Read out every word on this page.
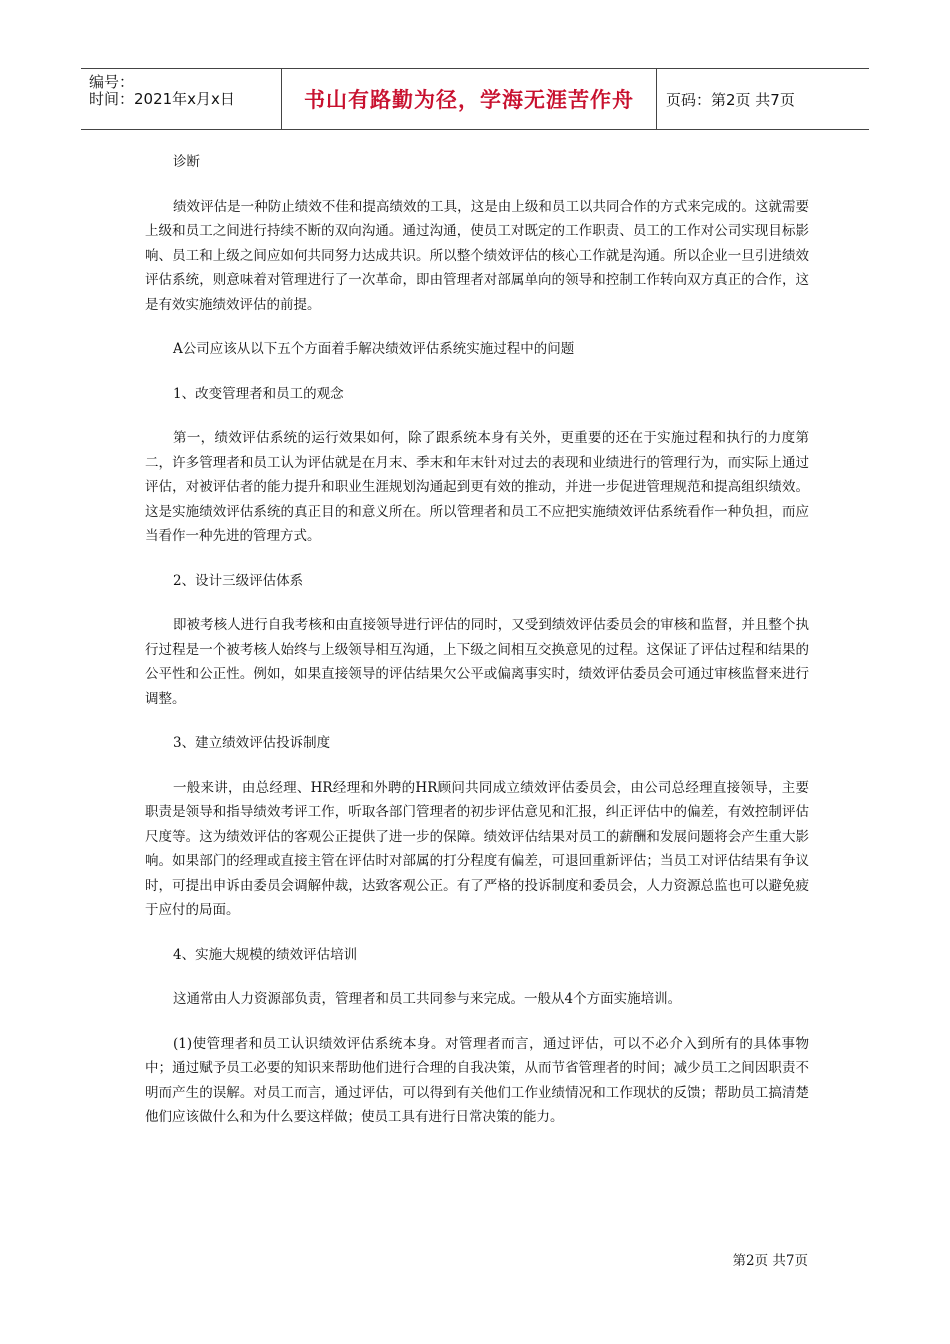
编号：
时间：2021年x月x日	书山有路勤为径，学海无涯苦作舟 页码：第2页 共7页

诊断

绩效评估是一种防止绩效不佳和提高绩效的工具，这是由上级和员工以共同合作的方式来完成的。这就需要上级和员工之间进行持续不断的双向沟通。通过沟通，使员工对既定的工作职责、员工的工作对公司实现目标影响、员工和上级之间应如何共同努力达成共识。所以整个绩效评估的核心工作就是沟通。所以企业一旦引进绩效评估系统，则意味着对管理进行了一次革命，即由管理者对部属单向的领导和控制工作转向双方真正的合作，这是有效实施绩效评估的前提。

A公司应该从以下五个方面着手解决绩效评估系统实施过程中的问题

1、改变管理者和员工的观念

第一，绩效评估系统的运行效果如何，除了跟系统本身有关外，更重要的还在于实施过程和执行的力度第二，许多管理者和员工认为评估就是在月末、季末和年末针对过去的表现和业绩进行的管理行为，而实际上通过评估，对被评估者的能力提升和职业生涯规划沟通起到更有效的推动，并进一步促进管理规范和提高组织绩效。这是实施绩效评估系统的真正目的和意义所在。所以管理者和员工不应把实施绩效评估系统看作一种负担，而应当看作一种先进的管理方式。

2、设计三级评估体系

即被考核人进行自我考核和由直接领导进行评估的同时，又受到绩效评估委员会的审核和监督，并且整个执行过程是一个被考核人始终与上级领导相互沟通，上下级之间相互交换意见的过程。这保证了评估过程和结果的公平性和公正性。例如，如果直接领导的评估结果欠公平或偏离事实时，绩效评估委员会可通过审核监督来进行调整。

3、建立绩效评估投诉制度

一般来讲，由总经理、HR经理和外聘的HR顾问共同成立绩效评估委员会，由公司总经理直接领导，主要职责是领导和指导绩效考评工作，听取各部门管理者的初步评估意见和汇报，纠正评估中的偏差，有效控制评估尺度等。这为绩效评估的客观公正提供了进一步的保障。绩效评估结果对员工的薪酬和发展问题将会产生重大影响。如果部门的经理或直接主管在评估时对部属的打分程度有偏差，可退回重新评估；当员工对评估结果有争议时，可提出申诉由委员会调解仲裁，达致客观公正。有了严格的投诉制度和委员会，人力资源总监也可以避免疲于应付的局面。

4、实施大规模的绩效评估培训

这通常由人力资源部负责，管理者和员工共同参与来完成。一般从4个方面实施培训。

(1)使管理者和员工认识绩效评估系统本身。对管理者而言，通过评估，可以不必介入到所有的具体事物中；通过赋予员工必要的知识来帮助他们进行合理的自我决策，从而节省管理者的时间；减少员工之间因职责不明而产生的误解。对员工而言，通过评估，可以得到有关他们工作业绩情况和工作现状的反馈；帮助员工搞清楚他们应该做什么和为什么要这样做；使员工具有进行日常决策的能力。

第2页 共7页
